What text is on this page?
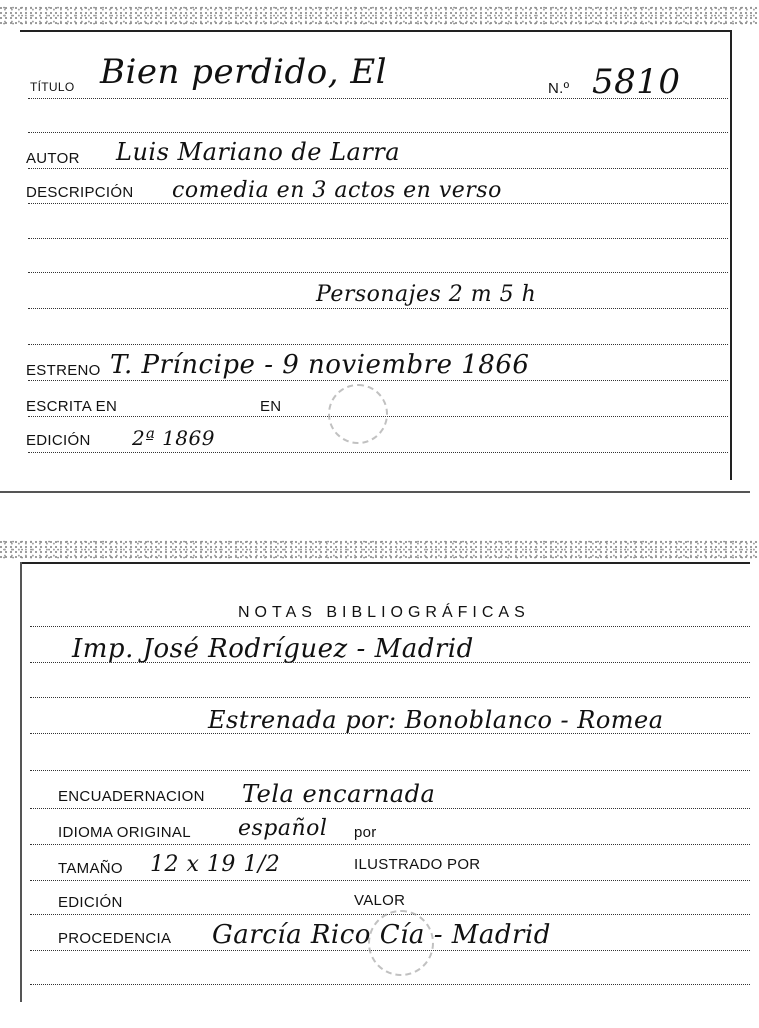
TÍTULO Bien perdido, El	N.º 5810
AUTOR Luis Mariano de Larra
DESCRIPCIÓN comedia en 3 actos en verso
Personajes 2 m 5 h
ESTRENO T. Príncipe - 9 noviembre 1866
ESCRITA EN	EN
EDICIÓN 2ª 1869
NOTAS BIBLIOGRÁFICAS
Imp. José Rodríguez - Madrid
Estrenada por: Bonoblanco - Romea
ENCUADERNACION Tela encarnada
IDIOMA ORIGINAL español por
TAMAÑO 12 x 19 1/2	ILUSTRADO POR
EDICIÓN	VALOR
PROCEDENCIA García Rico Cía - Madrid
